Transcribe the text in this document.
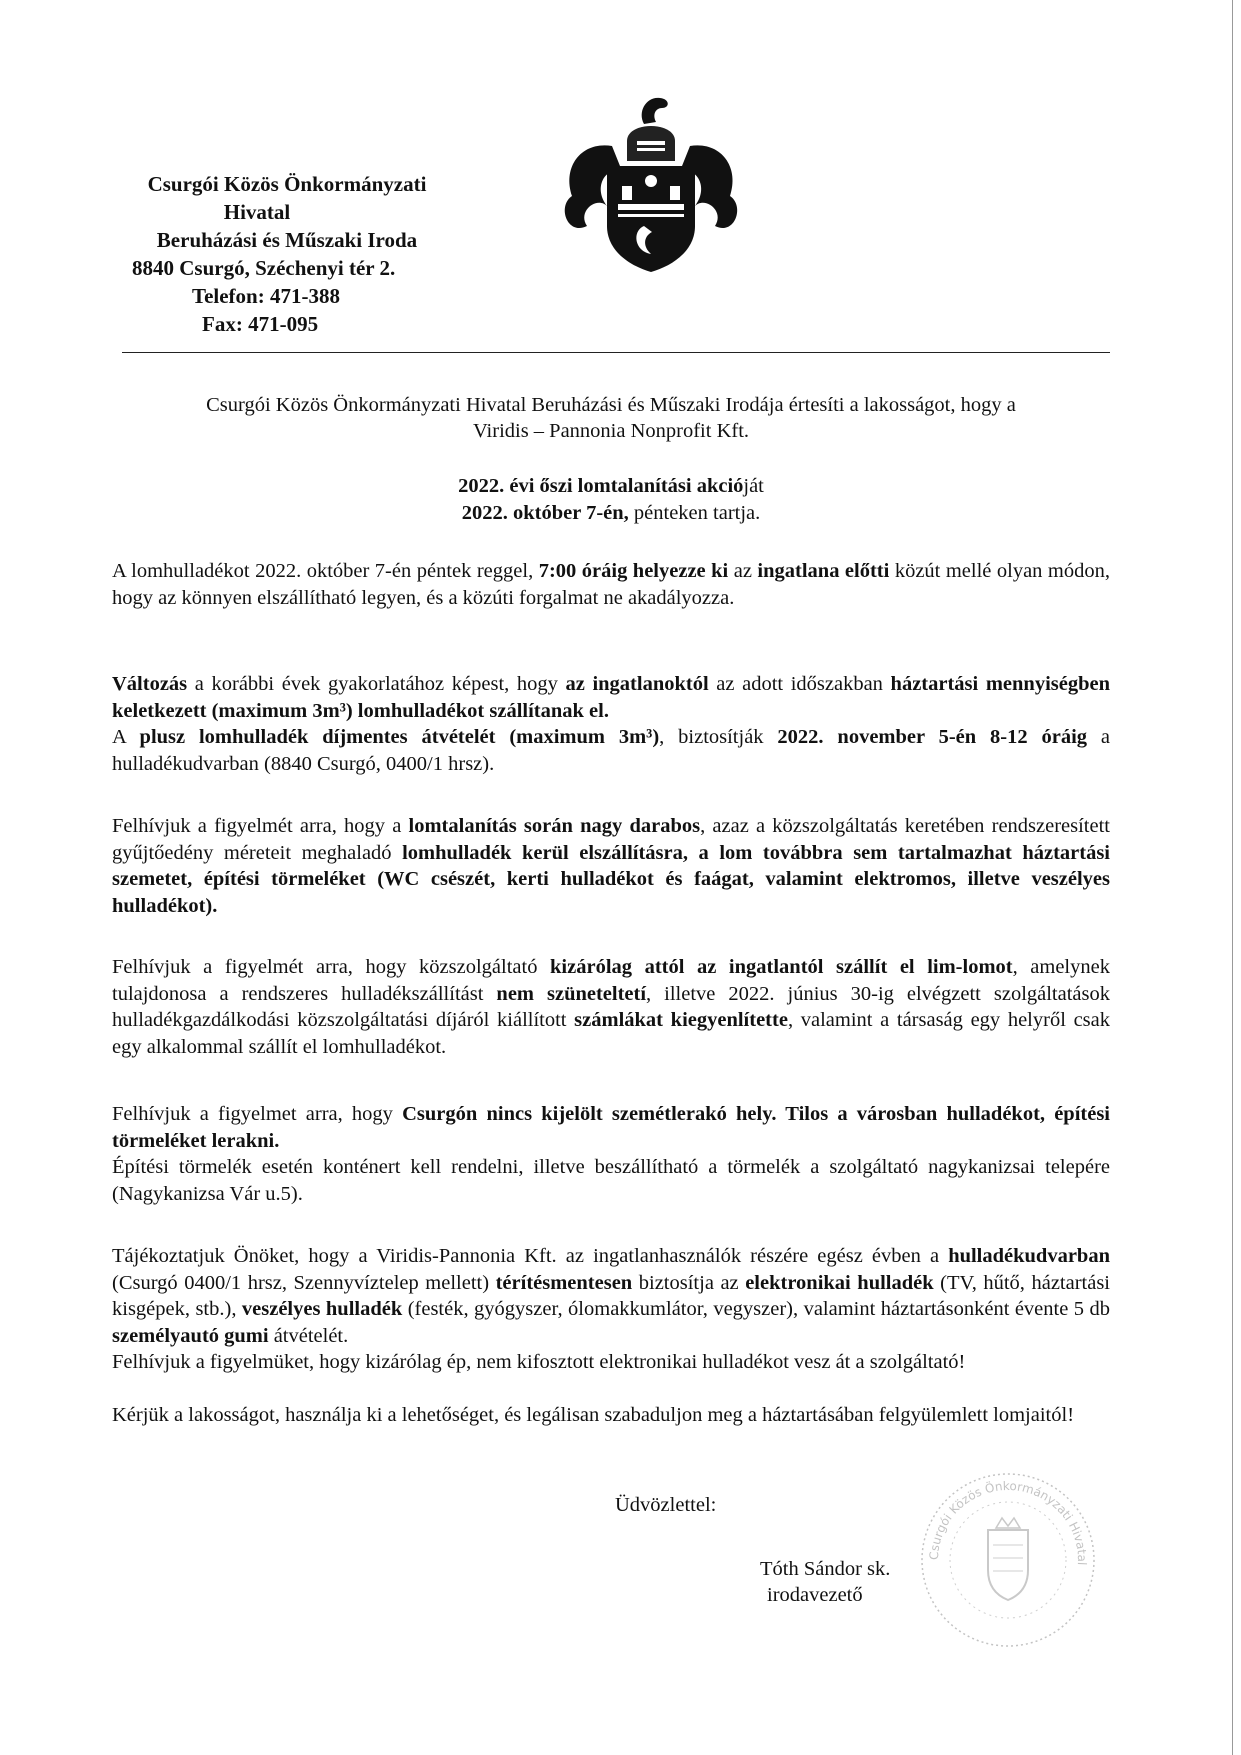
Csurgói Közös Önkormányzati
Hivatal
Beruházási és Műszaki Iroda
8840 Csurgó, Széchenyi tér 2.
Telefon: 471-388
Fax: 471-095
Csurgói Közös Önkormányzati Hivatal Beruházási és Műszaki Irodája értesíti a lakosságot, hogy a
Viridis – Pannonia Nonprofit Kft.
2022. évi őszi lomtalanítási akcióját
2022. október 7-én, pénteken tartja.
A lomhulladékot 2022. október 7-én péntek reggel, 7:00 óráig helyezze ki az ingatlana előtti közút mellé olyan módon, hogy az könnyen elszállítható legyen, és a közúti forgalmat ne akadályozza.
Változás a korábbi évek gyakorlatához képest, hogy az ingatlanoktól az adott időszakban háztartási mennyiségben keletkezett (maximum 3m³) lomhulladékot szállítanak el.
A plusz lomhulladék díjmentes átvételét (maximum 3m³), biztosítják 2022. november 5-én 8-12 óráig a hulladékudvarban (8840 Csurgó, 0400/1 hrsz).
Felhívjuk a figyelmét arra, hogy a lomtalanítás során nagy darabos, azaz a közszolgáltatás keretében rendszeresített gyűjtőedény méreteit meghaladó lomhulladék kerül elszállításra, a lom továbbra sem tartalmazhat háztartási szemetet, építési törmeléket (WC csészét, kerti hulladékot és faágat, valamint elektromos, illetve veszélyes hulladékot).
Felhívjuk a figyelmét arra, hogy közszolgáltató kizárólag attól az ingatlantól szállít el lim-lomot, amelynek tulajdonosa a rendszeres hulladékszállítást nem szüneteltetí, illetve 2022. június 30-ig elvégzett szolgáltatások hulladékgazdálkodási közszolgáltatási díjáról kiállított számlákat kiegyenlítette, valamint a társaság egy helyről csak egy alkalommal szállít el lomhulladékot.
Felhívjuk a figyelmet arra, hogy Csurgón nincs kijelölt szemétlerakó hely. Tilos a városban hulladékot, építési törmeléket lerakni.
Építési törmelék esetén konténert kell rendelni, illetve beszállítható a törmelék a szolgáltató nagykanizsai telepére (Nagykanizsa Vár u.5).
Tájékoztatjuk Önöket, hogy a Viridis-Pannonia Kft. az ingatlanhasználók részére egész évben a hulladékudvarban (Csurgó 0400/1 hrsz, Szennyvíztelep mellett) térítésmentesen biztosítja az elektronikai hulladék (TV, hűtő, háztartási kisgépek, stb.), veszélyes hulladék (festék, gyógyszer, ólomakkumlátor, vegyszer), valamint háztartásonként évente 5 db személyautó gumi átvételét.
Felhívjuk a figyelmüket, hogy kizárólag ép, nem kifosztott elektronikai hulladékot vesz át a szolgáltató!
Kérjük a lakosságot, használja ki a lehetőséget, és legálisan szabaduljon meg a háztartásában felgyülemlett lomjaitól!
Üdvözlettel:
Tóth Sándor sk.
irodavezető
Csurgói Közös Önkormányzati Hivatal
